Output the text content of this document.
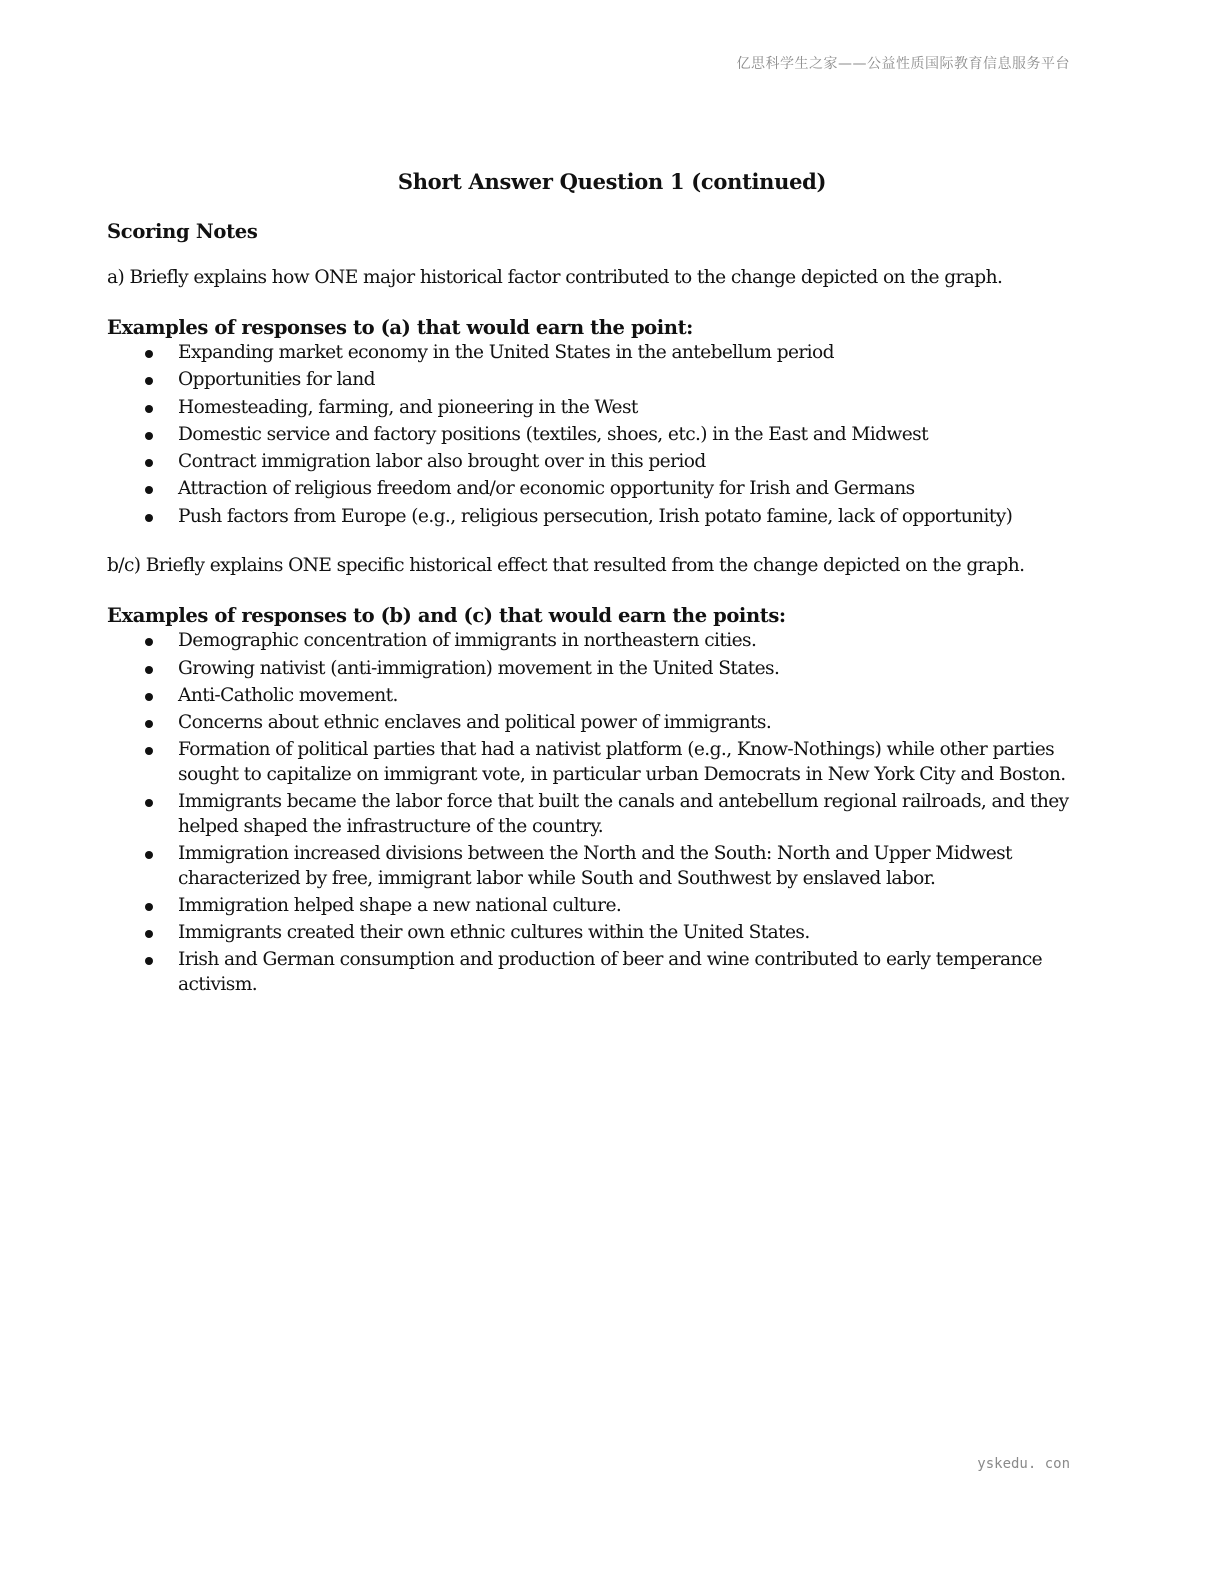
亿思科学生之家——公益性质国际教育信息服务平台
Short Answer Question 1 (continued)
Scoring Notes

a) Briefly explains how ONE major historical factor contributed to the change depicted on the graph.

Examples of responses to (a) that would earn the point:
Expanding market economy in the United States in the antebellum period
Opportunities for land
Homesteading, farming, and pioneering in the West
Domestic service and factory positions (textiles, shoes, etc.) in the East and Midwest
Contract immigration labor also brought over in this period
Attraction of religious freedom and/or economic opportunity for Irish and Germans
Push factors from Europe (e.g., religious persecution, Irish potato famine, lack of opportunity)

b/c) Briefly explains ONE specific historical effect that resulted from the change depicted on the graph.

Examples of responses to (b) and (c) that would earn the points:
Demographic concentration of immigrants in northeastern cities.
Growing nativist (anti-immigration) movement in the United States.
Anti-Catholic movement.
Concerns about ethnic enclaves and political power of immigrants.
Formation of political parties that had a nativist platform (e.g., Know-Nothings) while other parties sought to capitalize on immigrant vote, in particular urban Democrats in New York City and Boston.
Immigrants became the labor force that built the canals and antebellum regional railroads, and they helped shaped the infrastructure of the country.
Immigration increased divisions between the North and the South: North and Upper Midwest characterized by free, immigrant labor while South and Southwest by enslaved labor.
Immigration helped shape a new national culture.
Immigrants created their own ethnic cultures within the United States.
Irish and German consumption and production of beer and wine contributed to early temperance activism.
yskedu. con
